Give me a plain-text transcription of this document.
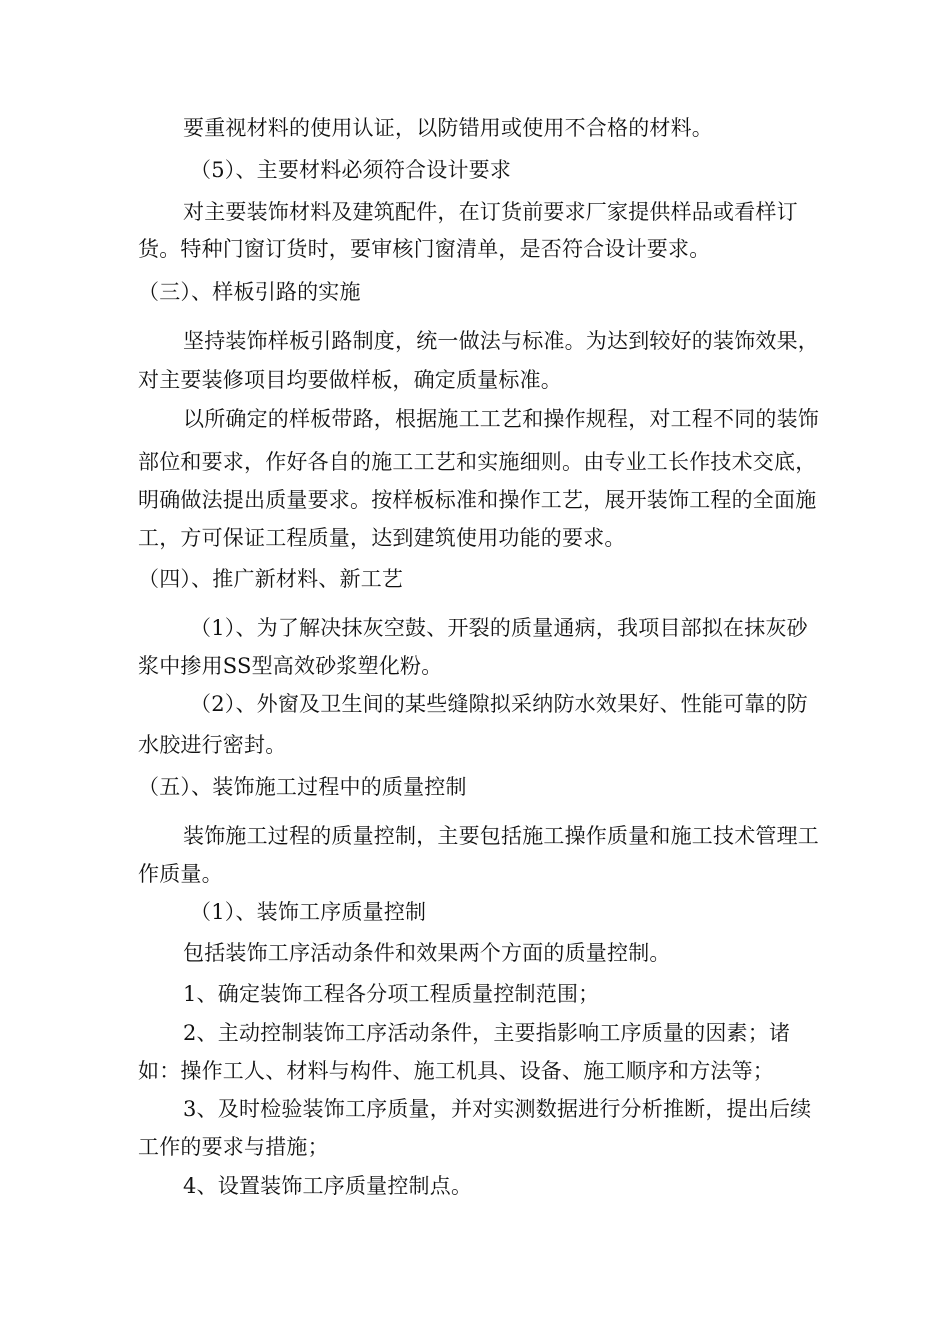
要重视材料的使用认证，以防错用或使用不合格的材料。

（5）、主要材料必须符合设计要求

对主要装饰材料及建筑配件，在订货前要求厂家提供样品或看样订

货。特种门窗订货时，要审核门窗清单，是否符合设计要求。

（三）、样板引路的实施

坚持装饰样板引路制度，统一做法与标准。为达到较好的装饰效果，

对主要装修项目均要做样板，确定质量标准。

以所确定的样板带路，根据施工工艺和操作规程，对工程不同的装饰

部位和要求，作好各自的施工工艺和实施细则。由专业工长作技术交底，

明确做法提出质量要求。按样板标准和操作工艺，展开装饰工程的全面施

工，方可保证工程质量，达到建筑使用功能的要求。

（四）、推广新材料、新工艺

（1）、为了解决抹灰空鼓、开裂的质量通病，我项目部拟在抹灰砂

浆中掺用SS型高效砂浆塑化粉。

（2）、外窗及卫生间的某些缝隙拟采纳防水效果好、性能可靠的防

水胶进行密封。

（五）、装饰施工过程中的质量控制

装饰施工过程的质量控制，主要包括施工操作质量和施工技术管理工

作质量。

（1）、装饰工序质量控制

包括装饰工序活动条件和效果两个方面的质量控制。

1、确定装饰工程各分项工程质量控制范围；

2、主动控制装饰工序活动条件，主要指影响工序质量的因素；诸

如：操作工人、材料与构件、施工机具、设备、施工顺序和方法等；

3、及时检验装饰工序质量，并对实测数据进行分析推断，提出后续

工作的要求与措施；

4、设置装饰工序质量控制点。
